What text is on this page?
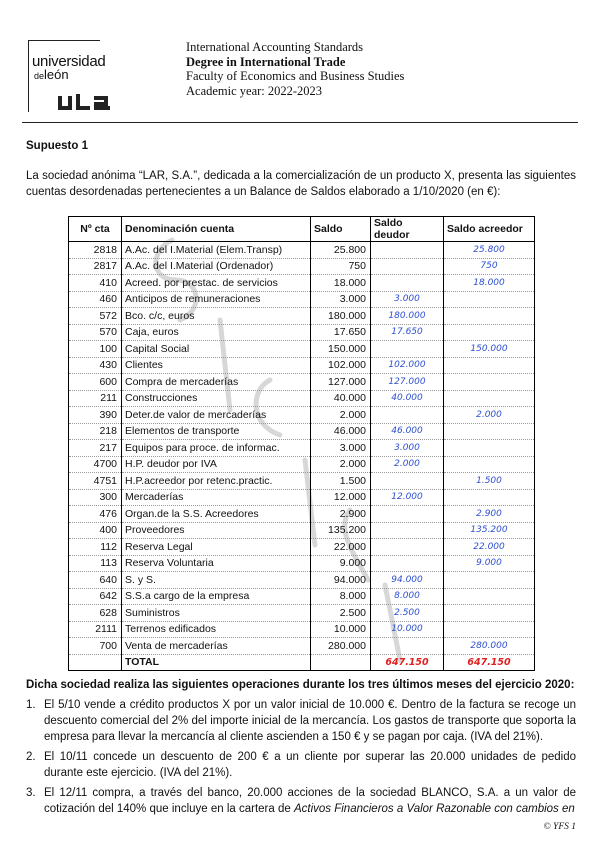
universidad
deleón
International Accounting Standards
Degree in International Trade
Faculty of Economics and Business Studies
Academic year: 2022-2023
Supuesto 1
La sociedad anónima “LAR, S.A.”, dedicada a la comercialización de un producto X, presenta las siguientes cuentas desordenadas pertenecientes a un Balance de Saldos elaborado a 1/10/2020 (en €):
Nº cta	Denominación cuenta	Saldo	Saldo deudor	Saldo acreedor
2818	A.Ac. del I.Material (Elem.Transp)	25.800		25.800
2817	A.Ac. del I.Material (Ordenador)	750		750
410	Acreed. por prestac. de servicios	18.000		18.000
460	Anticipos de remuneraciones	3.000	3.000	
572	Bco. c/c, euros	180.000	180.000	
570	Caja, euros	17.650	17.650	
100	Capital Social	150.000		150.000
430	Clientes	102.000	102.000	
600	Compra de mercaderías	127.000	127.000	
211	Construcciones	40.000	40.000	
390	Deter.de valor de mercaderías	2.000		2.000
218	Elementos de transporte	46.000	46.000	
217	Equipos para proce. de informac.	3.000	3.000	
4700	H.P. deudor por IVA	2.000	2.000	
4751	H.P.acreedor por retenc.practic.	1.500		1.500
300	Mercaderías	12.000	12.000	
476	Organ.de la S.S. Acreedores	2.900		2.900
400	Proveedores	135.200		135.200
112	Reserva Legal	22.000		22.000
113	Reserva Voluntaria	9.000		9.000
640	S. y S.	94.000	94.000	
642	S.S.a cargo de la empresa	8.000	8.000	
628	Suministros	2.500	2.500	
2111	Terrenos edificados	10.000	10.000	
700	Venta de mercaderías	280.000		280.000
	TOTAL		647.150	647.150
Dicha sociedad realiza las siguientes operaciones durante los tres últimos meses del ejercicio 2020:
1. El 5/10 vende a crédito productos X por un valor inicial de 10.000 €. Dentro de la factura se recoge un descuento comercial del 2% del importe inicial de la mercancía. Los gastos de transporte que soporta la empresa para llevar la mercancía al cliente ascienden a 150 € y se pagan por caja. (IVA del 21%).
2. El 10/11 concede un descuento de 200 € a un cliente por superar las 20.000 unidades de pedido durante este ejercicio. (IVA del 21%).
3. El 12/11 compra, a través del banco, 20.000 acciones de la sociedad BLANCO, S.A. a un valor de cotización del 140% que incluye en la cartera de Activos Financieros a Valor Razonable con cambios en
© YFS 1
